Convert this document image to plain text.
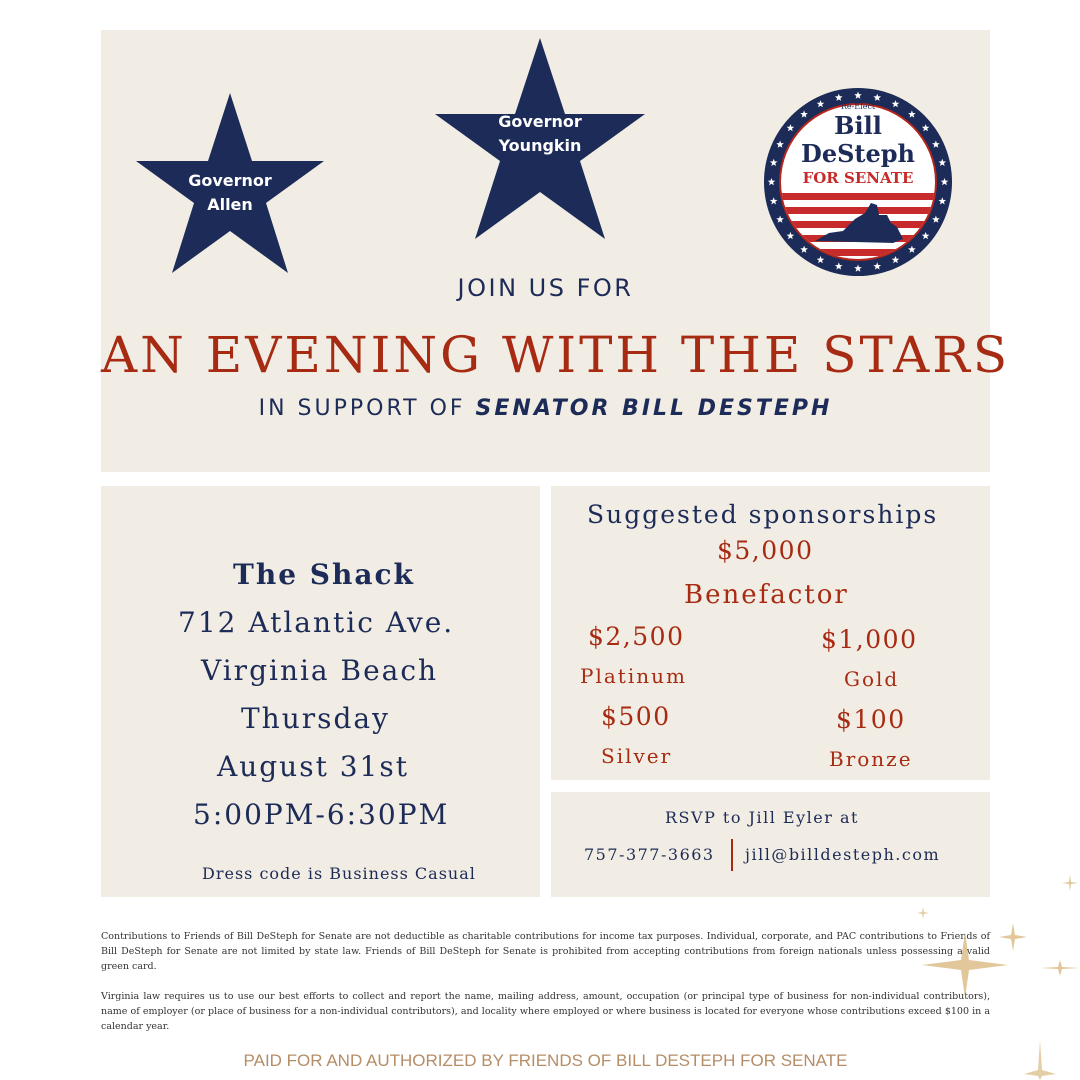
Governor
Allen
Governor
Youngkin
Re-Elect
Bill
DeSteph
FOR SENATE
JOIN US FOR
AN EVENING WITH THE STARS
IN SUPPORT OF SENATOR BILL DESTEPH
The Shack
712 Atlantic Ave.
Virginia Beach
Thursday
August 31st
5:00PM-6:30PM
Dress code is Business Casual
Suggested sponsorships
$5,000
Benefactor
$2,500
Platinum
$1,000
Gold
$500
Silver
$100
Bronze
RSVP to Jill Eyler at
757-377-3663 jill@billdesteph.com
Contributions to Friends of Bill DeSteph for Senate are not deductible as charitable contributions for income tax purposes. Individual, corporate, and PAC contributions to Friends of Bill DeSteph for Senate are not limited by state law. Friends of Bill DeSteph for Senate is prohibited from accepting contributions from foreign nationals unless possessing a valid green card.
Virginia law requires us to use our best efforts to collect and report the name, mailing address, amount, occupation (or principal type of business for non-individual contributors), name of employer (or place of business for a non-individual contributors), and locality where employed or where business is located for everyone whose contributions exceed $100 in a calendar year.
PAID FOR AND AUTHORIZED BY FRIENDS OF BILL DESTEPH FOR SENATE
